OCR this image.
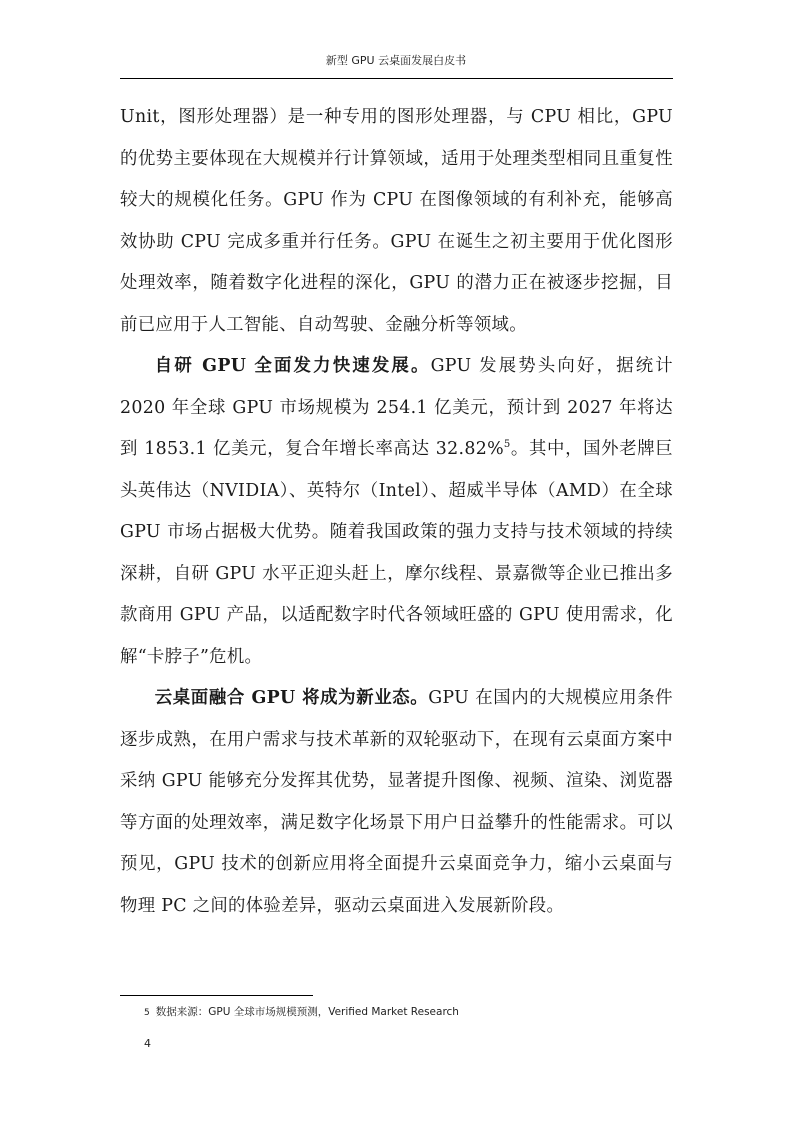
新型 GPU 云桌面发展白皮书

Unit，图形处理器）是一种专用的图形处理器，与 CPU 相比，GPU 的优势主要体现在大规模并行计算领域，适用于处理类型相同且重复性较大的规模化任务。GPU 作为 CPU 在图像领域的有利补充，能够高效协助 CPU 完成多重并行任务。GPU 在诞生之初主要用于优化图形处理效率，随着数字化进程的深化，GPU 的潜力正在被逐步挖掘，目前已应用于人工智能、自动驾驶、金融分析等领域。

自研 GPU 全面发力快速发展。GPU 发展势头向好，据统计 2020 年全球 GPU 市场规模为 254.1 亿美元，预计到 2027 年将达到 1853.1 亿美元，复合年增长率高达 32.82%$^5$。其中，国外老牌巨头英伟达（NVIDIA）、英特尔（Intel）、超威半导体（AMD）在全球 GPU 市场占据极大优势。随着我国政策的强力支持与技术领域的持续深耕，自研 GPU 水平正迎头赶上，摩尔线程、景嘉微等企业已推出多款商用 GPU 产品，以适配数字时代各领域旺盛的 GPU 使用需求，化解“卡脖子”危机。

云桌面融合 GPU 将成为新业态。GPU 在国内的大规模应用条件逐步成熟，在用户需求与技术革新的双轮驱动下，在现有云桌面方案中采纳 GPU 能够充分发挥其优势，显著提升图像、视频、渲染、浏览器等方面的处理效率，满足数字化场景下用户日益攀升的性能需求。可以预见，GPU 技术的创新应用将全面提升云桌面竞争力，缩小云桌面与物理 PC 之间的体验差异，驱动云桌面进入发展新阶段。

5 数据来源：GPU 全球市场规模预测，Verified Market Research
4
